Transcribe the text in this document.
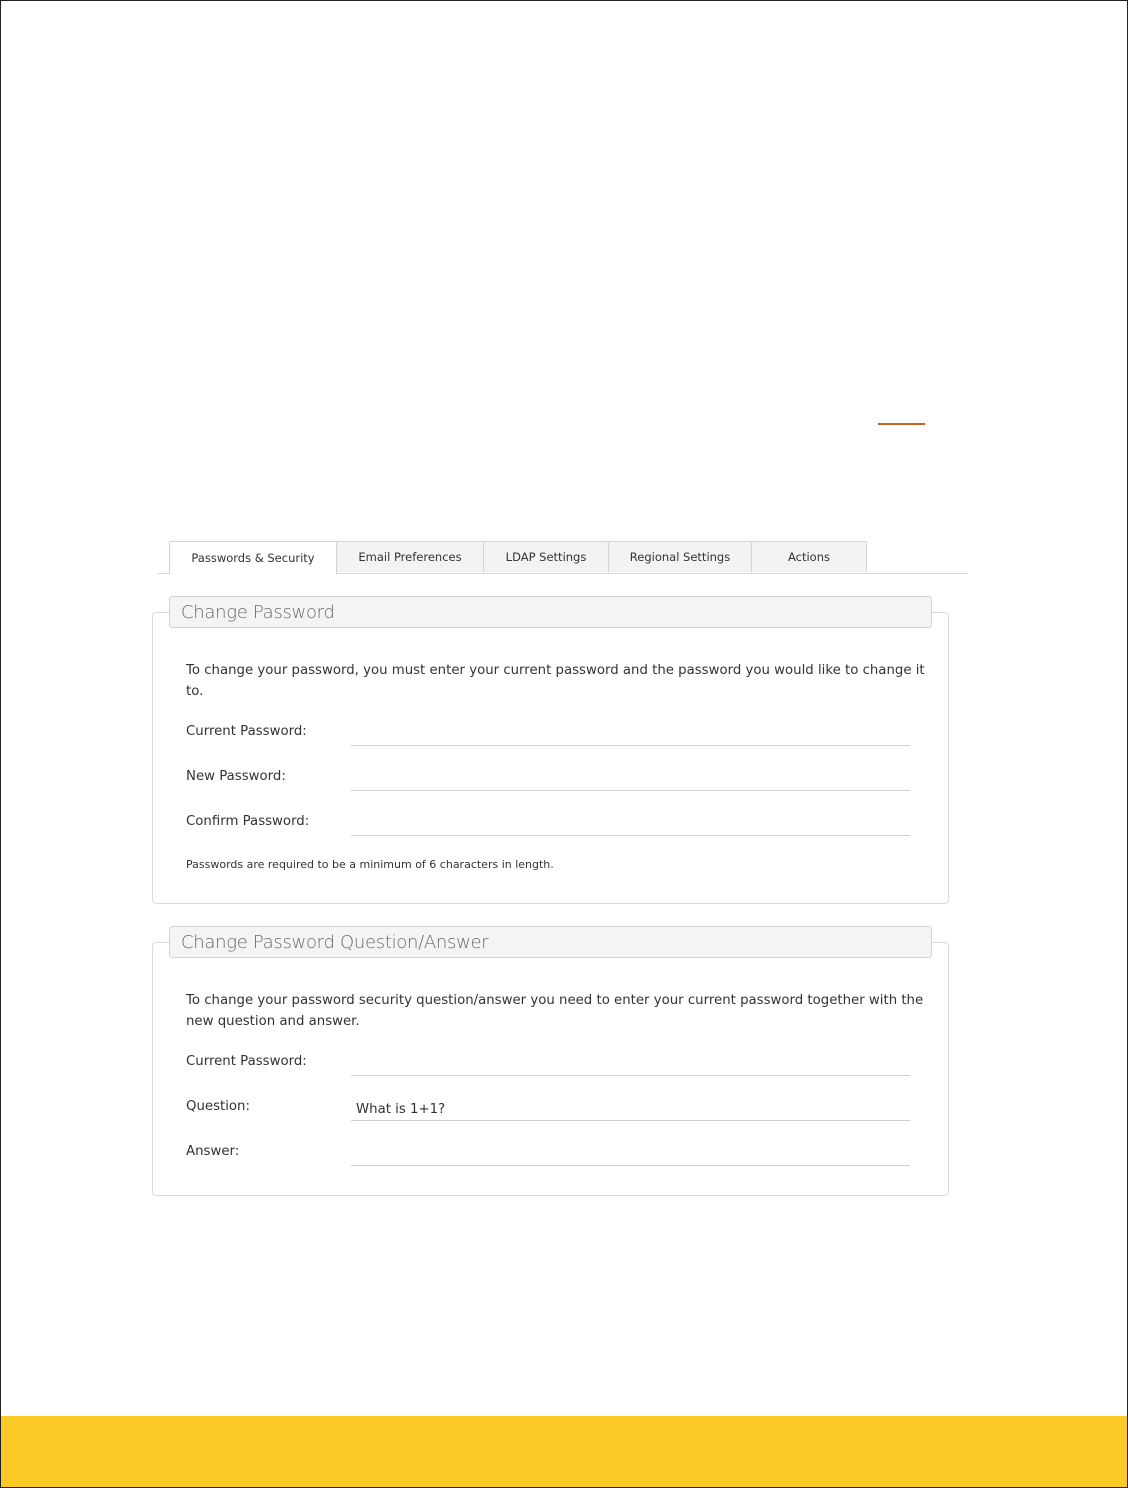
Passwords & Security	Email Preferences	LDAP Settings	Regional Settings	Actions
Change Password

To change your password, you must enter your current password and the password you would like to change it to.

Current Password:
New Password:
Confirm Password:
Passwords are required to be a minimum of 6 characters in length.
Change Password Question/Answer

To change your password security question/answer you need to enter your current password together with the new question and answer.

Current Password:
Question:
What is 1+1?
Answer:
